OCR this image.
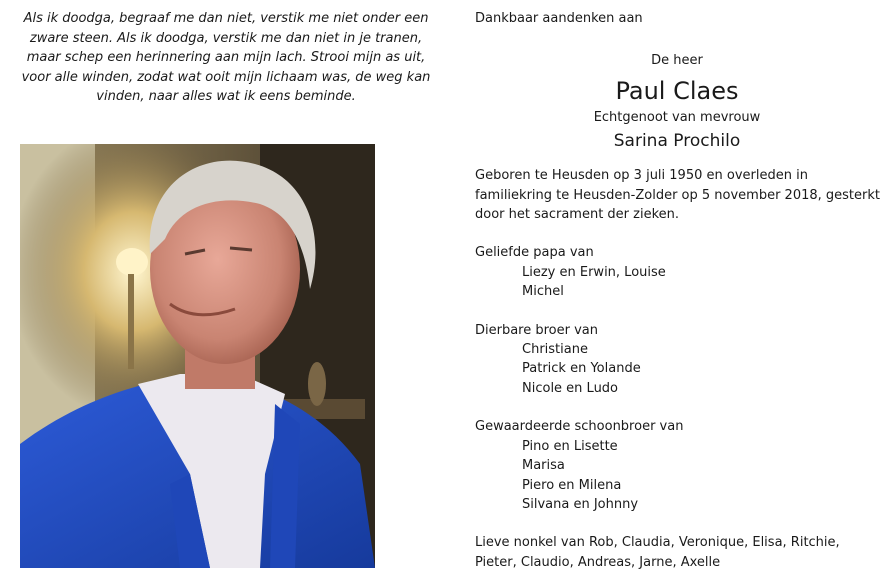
Als ik doodga, begraaf me dan niet, verstik me niet onder een zware steen. Als ik doodga, verstik me dan niet in je tranen, maar schep een herinnering aan mijn lach. Strooi mijn as uit, voor alle winden, zodat wat ooit mijn lichaam was, de weg kan vinden, naar alles wat ik eens beminde.
Dankbaar aandenken aan
De heer
Paul Claes
Echtgenoot van mevrouw
Sarina Prochilo
Geboren te Heusden op 3 juli 1950 en overleden in familiekring te Heusden-Zolder op 5 november 2018, gesterkt door het sacrament der zieken.
Geliefde papa van
Liezy en Erwin, Louise
Michel
Dierbare broer van
Christiane
Patrick en Yolande
Nicole en Ludo
Gewaardeerde schoonbroer van
Pino en Lisette
Marisa
Piero en Milena
Silvana en Johnny
Lieve nonkel van Rob, Claudia, Veronique, Elisa, Ritchie, Pieter, Claudio, Andreas, Jarne, Axelle
